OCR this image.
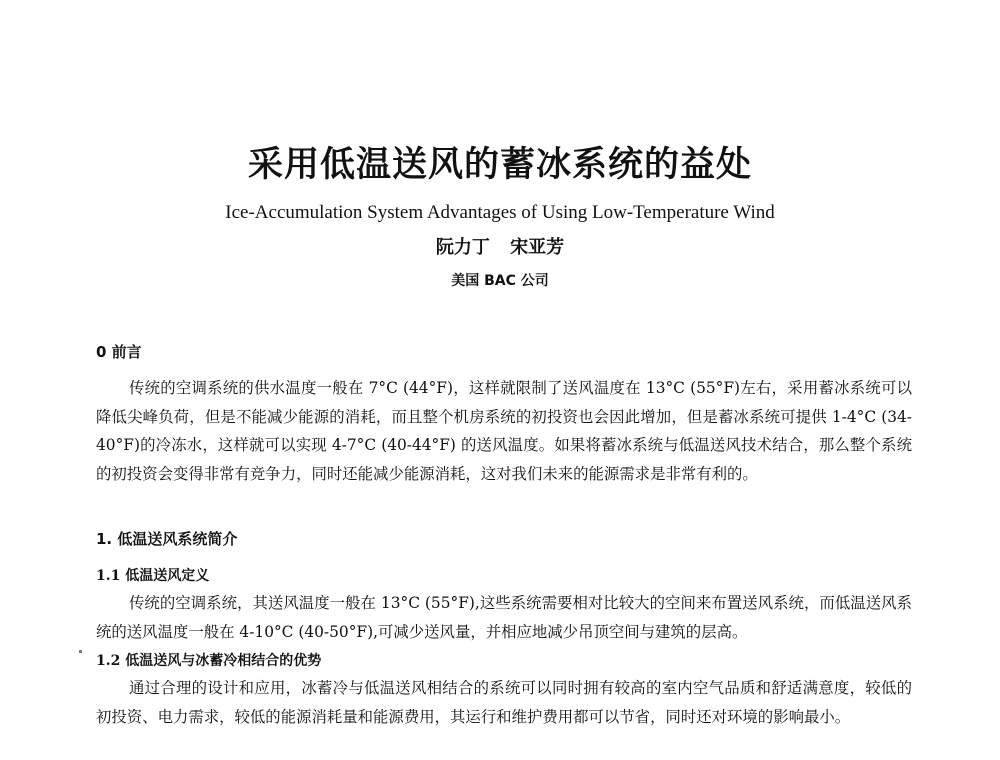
采用低温送风的蓄冰系统的益处

Ice-Accumulation System Advantages of Using Low-Temperature Wind

阮力丁 宋亚芳

美国 BAC 公司

0 前言

传统的空调系统的供水温度一般在 7°C (44°F)，这样就限制了送风温度在 13°C (55°F)左右，采用蓄冰系统可以降低尖峰负荷，但是不能减少能源的消耗，而且整个机房系统的初投资也会因此增加，但是蓄冰系统可提供 1-4°C (34-40°F)的冷冻水，这样就可以实现 4-7°C (40-44°F) 的送风温度。如果将蓄冰系统与低温送风技术结合，那么整个系统的初投资会变得非常有竞争力，同时还能减少能源消耗，这对我们未来的能源需求是非常有利的。

1. 低温送风系统简介
1.1 低温送风定义

传统的空调系统，其送风温度一般在 13°C (55°F),这些系统需要相对比较大的空间来布置送风系统，而低温送风系统的送风温度一般在 4-10°C (40-50°F),可减少送风量，并相应地减少吊顶空间与建筑的层高。

1.2 低温送风与冰蓄冷相结合的优势

通过合理的设计和应用，冰蓄冷与低温送风相结合的系统可以同时拥有较高的室内空气品质和舒适满意度，较低的初投资、电力需求，较低的能源消耗量和能源费用，其运行和维护费用都可以节省，同时还对环境的影响最小。
